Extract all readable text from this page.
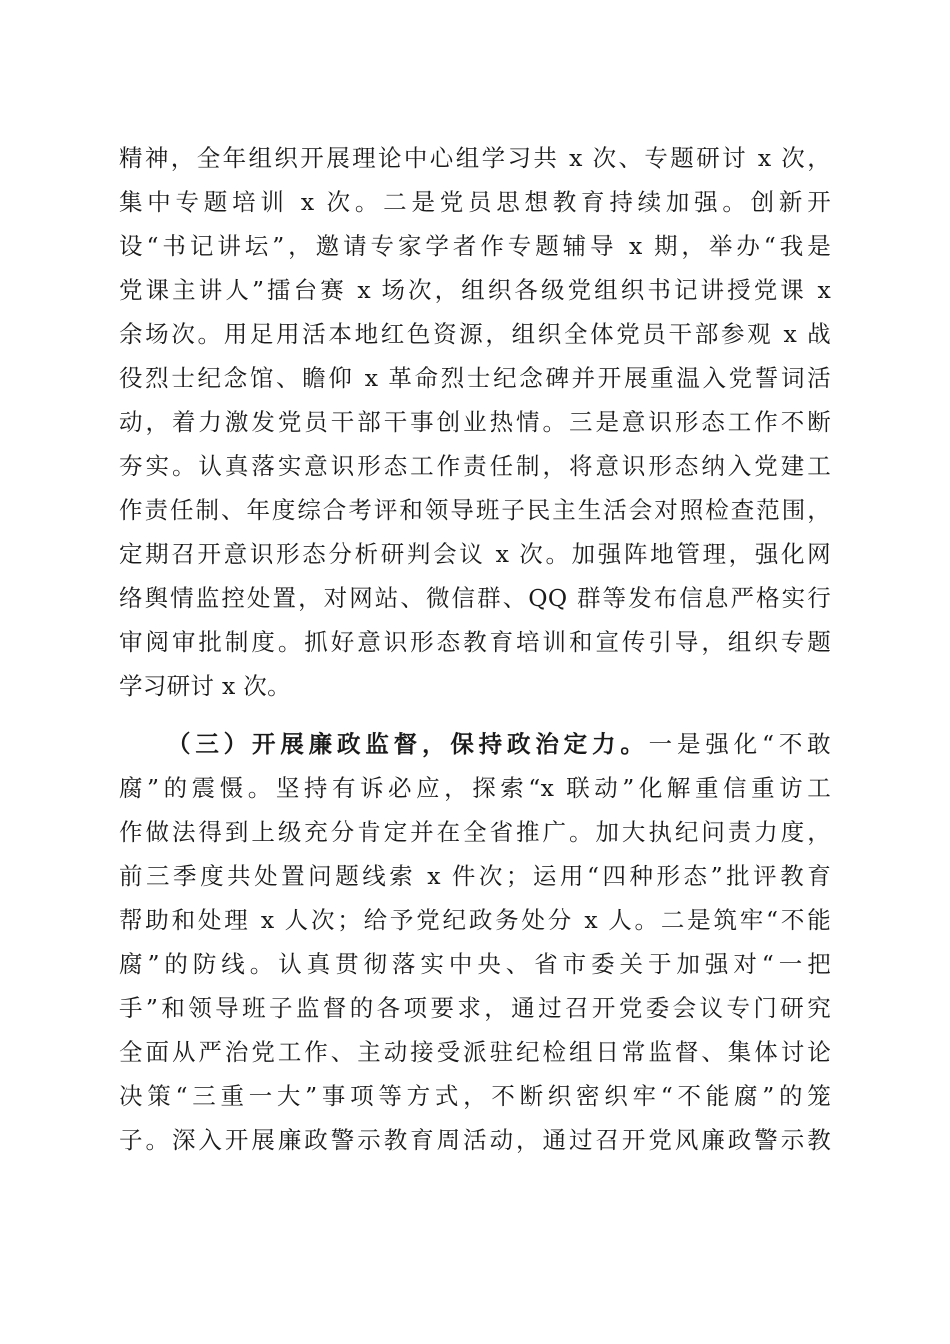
精神，全年组织开展理论中心组学习共 x 次、专题研讨 x 次，
集中专题培训 x 次。二是党员思想教育持续加强。创新开
设“书记讲坛”，邀请专家学者作专题辅导 x 期，举办“我是
党课主讲人”擂台赛 x 场次，组织各级党组织书记讲授党课 x
余场次。用足用活本地红色资源，组织全体党员干部参观 x 战
役烈士纪念馆、瞻仰 x 革命烈士纪念碑并开展重温入党誓词活
动，着力激发党员干部干事创业热情。三是意识形态工作不断
夯实。认真落实意识形态工作责任制，将意识形态纳入党建工
作责任制、年度综合考评和领导班子民主生活会对照检查范围，
定期召开意识形态分析研判会议 x 次。加强阵地管理，强化网
络舆情监控处置，对网站、微信群、QQ 群等发布信息严格实行
审阅审批制度。抓好意识形态教育培训和宣传引导，组织专题
学习研讨 x 次。
（三）开展廉政监督，保持政治定力。一是强化“不敢
腐”的震慑。坚持有诉必应，探索“x 联动”化解重信重访工
作做法得到上级充分肯定并在全省推广。加大执纪问责力度，
前三季度共处置问题线索 x 件次；运用“四种形态”批评教育
帮助和处理 x 人次；给予党纪政务处分 x 人。二是筑牢“不能
腐”的防线。认真贯彻落实中央、省市委关于加强对“一把
手”和领导班子监督的各项要求，通过召开党委会议专门研究
全面从严治党工作、主动接受派驻纪检组日常监督、集体讨论
决策“三重一大”事项等方式，不断织密织牢“不能腐”的笼
子。深入开展廉政警示教育周活动，通过召开党风廉政警示教
